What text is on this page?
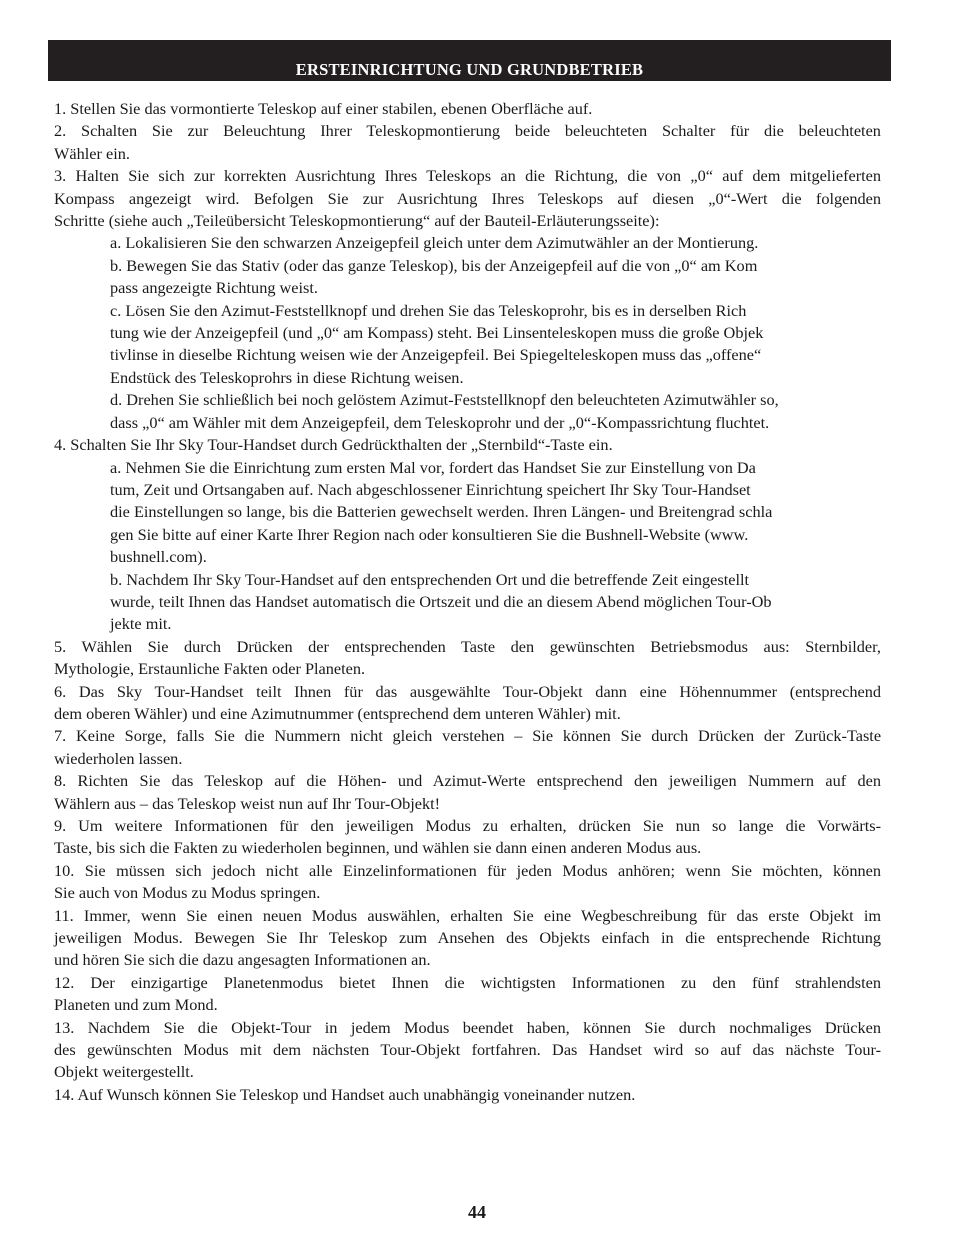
ERSTEINRICHTUNG UND GRUNDBETRIEB
1. Stellen Sie das vormontierte Teleskop auf einer stabilen, ebenen Oberfläche auf.
2. Schalten Sie zur Beleuchtung Ihrer Teleskopmontierung beide beleuchteten Schalter für die beleuchteten
Wähler ein.
3. Halten Sie sich zur korrekten Ausrichtung Ihres Teleskops an die Richtung, die von „0“ auf dem mitgelieferten
Kompass angezeigt wird. Befolgen Sie zur Ausrichtung Ihres Teleskops auf diesen „0“-Wert die folgenden
Schritte (siehe auch „Teileübersicht Teleskopmontierung“ auf der Bauteil-Erläuterungsseite):
a. Lokalisieren Sie den schwarzen Anzeigepfeil gleich unter dem Azimutwähler an der Montierung.
b. Bewegen Sie das Stativ (oder das ganze Teleskop), bis der Anzeigepfeil auf die von „0“ am Kom
pass angezeigte Richtung weist.
c. Lösen Sie den Azimut-Feststellknopf und drehen Sie das Teleskoprohr, bis es in derselben Rich
tung wie der Anzeigepfeil (und „0“ am Kompass) steht. Bei Linsenteleskopen muss die große Objek
tivlinse in dieselbe Richtung weisen wie der Anzeigepfeil. Bei Spiegelteleskopen muss das „offene“
Endstück des Teleskoprohrs in diese Richtung weisen.
d. Drehen Sie schließlich bei noch gelöstem Azimut-Feststellknopf den beleuchteten Azimutwähler so,
dass „0“ am Wähler mit dem Anzeigepfeil, dem Teleskoprohr und der „0“-Kompassrichtung fluchtet.
4. Schalten Sie Ihr Sky Tour-Handset durch Gedrückthalten der „Sternbild“-Taste ein.
a. Nehmen Sie die Einrichtung zum ersten Mal vor, fordert das Handset Sie zur Einstellung von Da
tum, Zeit und Ortsangaben auf. Nach abgeschlossener Einrichtung speichert Ihr Sky Tour-Handset
die Einstellungen so lange, bis die Batterien gewechselt werden. Ihren Längen- und Breitengrad schla
gen Sie bitte auf einer Karte Ihrer Region nach oder konsultieren Sie die Bushnell-Website (www.
bushnell.com).
b. Nachdem Ihr Sky Tour-Handset auf den entsprechenden Ort und die betreffende Zeit eingestellt
wurde, teilt Ihnen das Handset automatisch die Ortszeit und die an diesem Abend möglichen Tour-Ob
jekte mit.
5. Wählen Sie durch Drücken der entsprechenden Taste den gewünschten Betriebsmodus aus: Sternbilder,
Mythologie, Erstaunliche Fakten oder Planeten.
6. Das Sky Tour-Handset teilt Ihnen für das ausgewählte Tour-Objekt dann eine Höhennummer (entsprechend
dem oberen Wähler) und eine Azimutnummer (entsprechend dem unteren Wähler) mit.
7. Keine Sorge, falls Sie die Nummern nicht gleich verstehen – Sie können Sie durch Drücken der Zurück-Taste
wiederholen lassen.
8. Richten Sie das Teleskop auf die Höhen- und Azimut-Werte entsprechend den jeweiligen Nummern auf den
Wählern aus – das Teleskop weist nun auf Ihr Tour-Objekt!
9. Um weitere Informationen für den jeweiligen Modus zu erhalten, drücken Sie nun so lange die Vorwärts-
Taste, bis sich die Fakten zu wiederholen beginnen, und wählen sie dann einen anderen Modus aus.
10. Sie müssen sich jedoch nicht alle Einzelinformationen für jeden Modus anhören; wenn Sie möchten, können
Sie auch von Modus zu Modus springen.
11. Immer, wenn Sie einen neuen Modus auswählen, erhalten Sie eine Wegbeschreibung für das erste Objekt im
jeweiligen Modus. Bewegen Sie Ihr Teleskop zum Ansehen des Objekts einfach in die entsprechende Richtung
und hören Sie sich die dazu angesagten Informationen an.
12. Der einzigartige Planetenmodus bietet Ihnen die wichtigsten Informationen zu den fünf strahlendsten
Planeten und zum Mond.
13. Nachdem Sie die Objekt-Tour in jedem Modus beendet haben, können Sie durch nochmaliges Drücken
des gewünschten Modus mit dem nächsten Tour-Objekt fortfahren. Das Handset wird so auf das nächste Tour-
Objekt weitergestellt.
14. Auf Wunsch können Sie Teleskop und Handset auch unabhängig voneinander nutzen.
44
